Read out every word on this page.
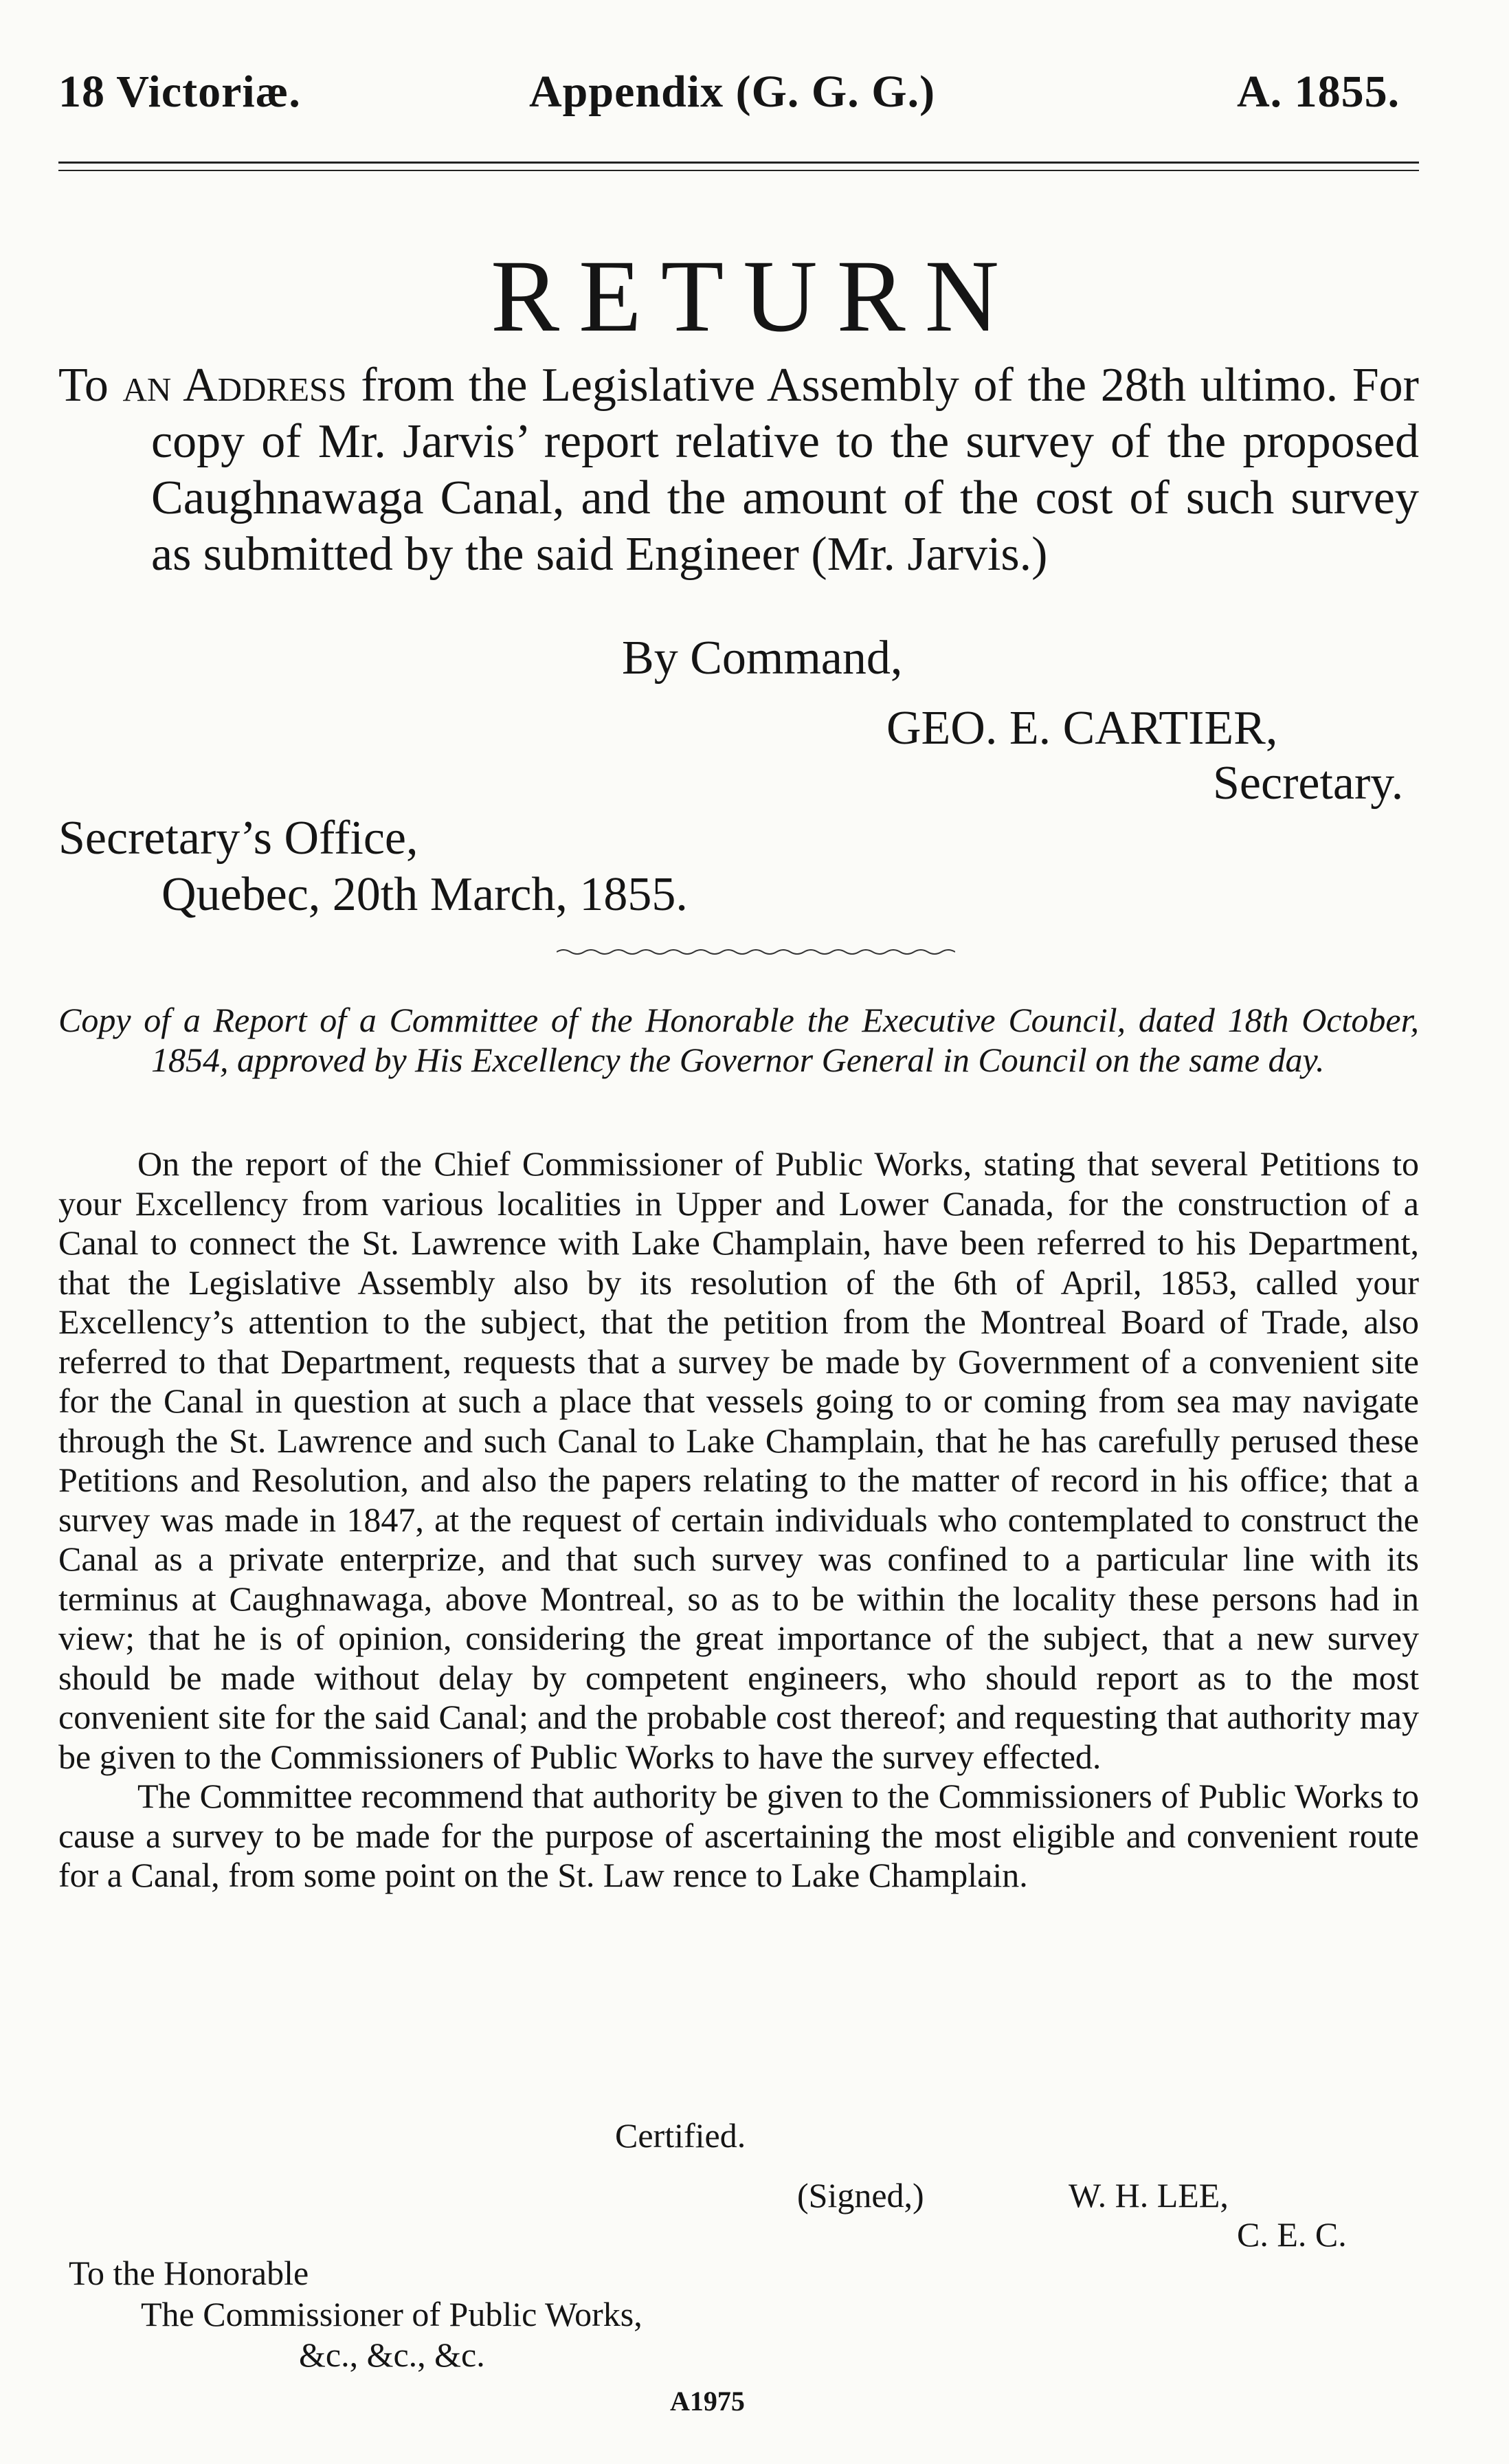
18 Victoriæ.	Appendix (G. G. G.)	A. 1855.
RETURN
To an Address from the Legislative Assembly of the 28th ultimo. For copy of Mr. Jarvis’ report relative to the survey of the proposed Caughnawaga Canal, and the amount of the cost of such survey as submitted by the said Engineer (Mr. Jarvis.)
By Command,
GEO. E. CARTIER,
Secretary.
Secretary’s Office,
Quebec, 20th March, 1855.
Copy of a Report of a Committee of the Honorable the Executive Council, dated 18th October, 1854, approved by His Excellency the Governor General in Council on the same day.

On the report of the Chief Commissioner of Public Works, stating that several Petitions to your Excellency from various localities in Upper and Lower Canada, for the construction of a Canal to connect the St. Lawrence with Lake Champlain, have been referred to his Department, that the Legislative Assembly also by its resolution of the 6th of April, 1853, called your Excellency’s attention to the subject, that the petition from the Montreal Board of Trade, also referred to that Department, requests that a survey be made by Government of a convenient site for the Canal in question at such a place that vessels going to or coming from sea may navigate through the St. Lawrence and such Canal to Lake Champlain, that he has carefully perused these Petitions and Resolution, and also the papers relating to the matter of record in his office; that a survey was made in 1847, at the request of certain individuals who contemplated to construct the Canal as a private enterprize, and that such survey was confined to a particular line with its terminus at Caughnawaga, above Montreal, so as to be within the locality these persons had in view; that he is of opinion, considering the great importance of the subject, that a new survey should be made without delay by competent engineers, who should report as to the most convenient site for the said Canal; and the probable cost thereof; and requesting that authority may be given to the Commissioners of Public Works to have the survey effected.

The Committee recommend that authority be given to the Commissioners of Public Works to cause a survey to be made for the purpose of ascertaining the most eligible and convenient route for a Canal, from some point on the St. Law rence to Lake Champlain.

Certified.
(Signed,)	W. H. LEE,
C. E. C.
To the Honorable
The Commissioner of Public Works,
&c., &c., &c.
A1975
